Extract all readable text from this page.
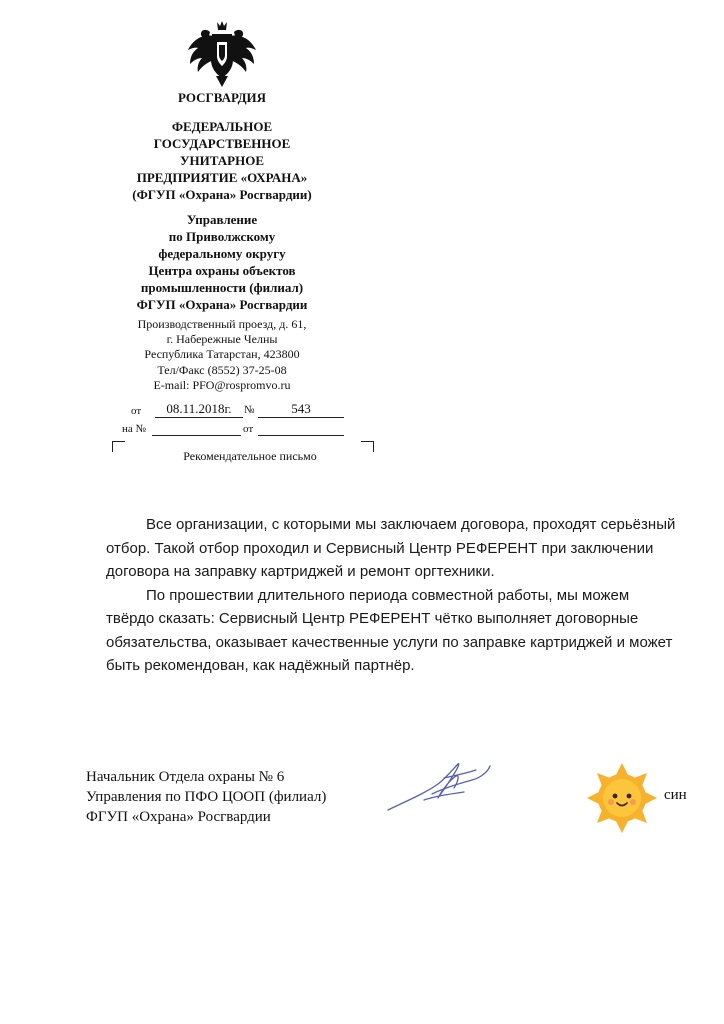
РОСГВАРДИЯ
ФЕДЕРАЛЬНОЕ
ГОСУДАРСТВЕННОЕ
УНИТАРНОЕ
ПРЕДПРИЯТИЕ «ОХРАНА»
(ФГУП «Охрана» Росгвардии)
Управление
по Приволжскому
федеральному округу
Центра охраны объектов
промышленности (филиал)
ФГУП «Охрана» Росгвардии
Производственный проезд, д. 61,
г. Набережные Челны
Республика Татарстан, 423800
Тел/Факс (8552) 37-25-08
E-mail: PFO@rospromvo.ru
от	08.11.2018г.	№	543
на №	от
Рекомендательное письмо

Все организации, с которыми мы заключаем договора, проходят серьёзный отбор. Такой отбор проходил и Сервисный Центр РЕФЕРЕНТ при заключении договора на заправку картриджей и ремонт оргтехники.

По прошествии длительного периода совместной работы, мы можем твёрдо сказать: Сервисный Центр РЕФЕРЕНТ чётко выполняет договорные обязательства, оказывает качественные услуги по заправке картриджей и может быть рекомендован, как надёжный партнёр.

Начальник Отдела охраны № 6
Управления по ПФО ЦООП (филиал)
ФГУП «Охрана» Росгвардии
син
